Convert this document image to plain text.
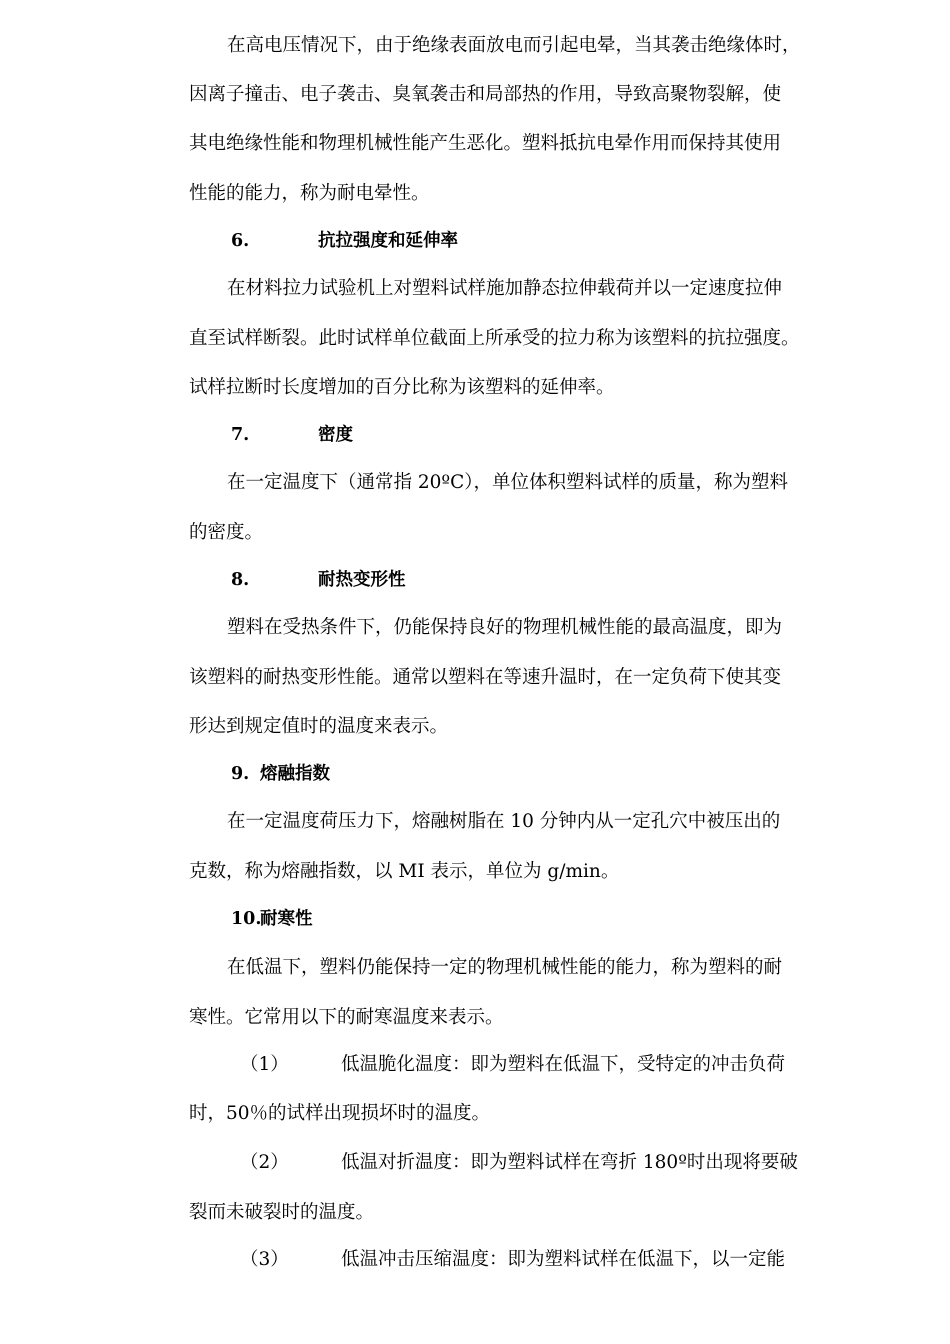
在高电压情况下，由于绝缘表面放电而引起电晕，当其袭击绝缘体时，
因离子撞击、电子袭击、臭氧袭击和局部热的作用，导致高聚物裂解，使
其电绝缘性能和物理机械性能产生恶化。塑料抵抗电晕作用而保持其使用
性能的能力，称为耐电晕性。
6.	抗拉强度和延伸率
在材料拉力试验机上对塑料试样施加静态拉伸载荷并以一定速度拉伸
直至试样断裂。此时试样单位截面上所承受的拉力称为该塑料的抗拉强度。
试样拉断时长度增加的百分比称为该塑料的延伸率。
7.	密度
在一定温度下（通常指 20ºC），单位体积塑料试样的质量，称为塑料
的密度。
8.	耐热变形性
塑料在受热条件下，仍能保持良好的物理机械性能的最高温度，即为
该塑料的耐热变形性能。通常以塑料在等速升温时，在一定负荷下使其变
形达到规定值时的温度来表示。
9. 熔融指数
在一定温度荷压力下，熔融树脂在 10 分钟内从一定孔穴中被压出的
克数，称为熔融指数，以 MI 表示，单位为 g/min。
10.
耐寒性
在低温下，塑料仍能保持一定的物理机械性能的能力，称为塑料的耐
寒性。它常用以下的耐寒温度来表示。
（1）	低温脆化温度：即为塑料在低温下，受特定的冲击负荷
时，50％的试样出现损坏时的温度。
（2）	低温对折温度：即为塑料试样在弯折 180º时出现将要破
裂而未破裂时的温度。
（3）	低温冲击压缩温度：即为塑料试样在低温下，以一定能
